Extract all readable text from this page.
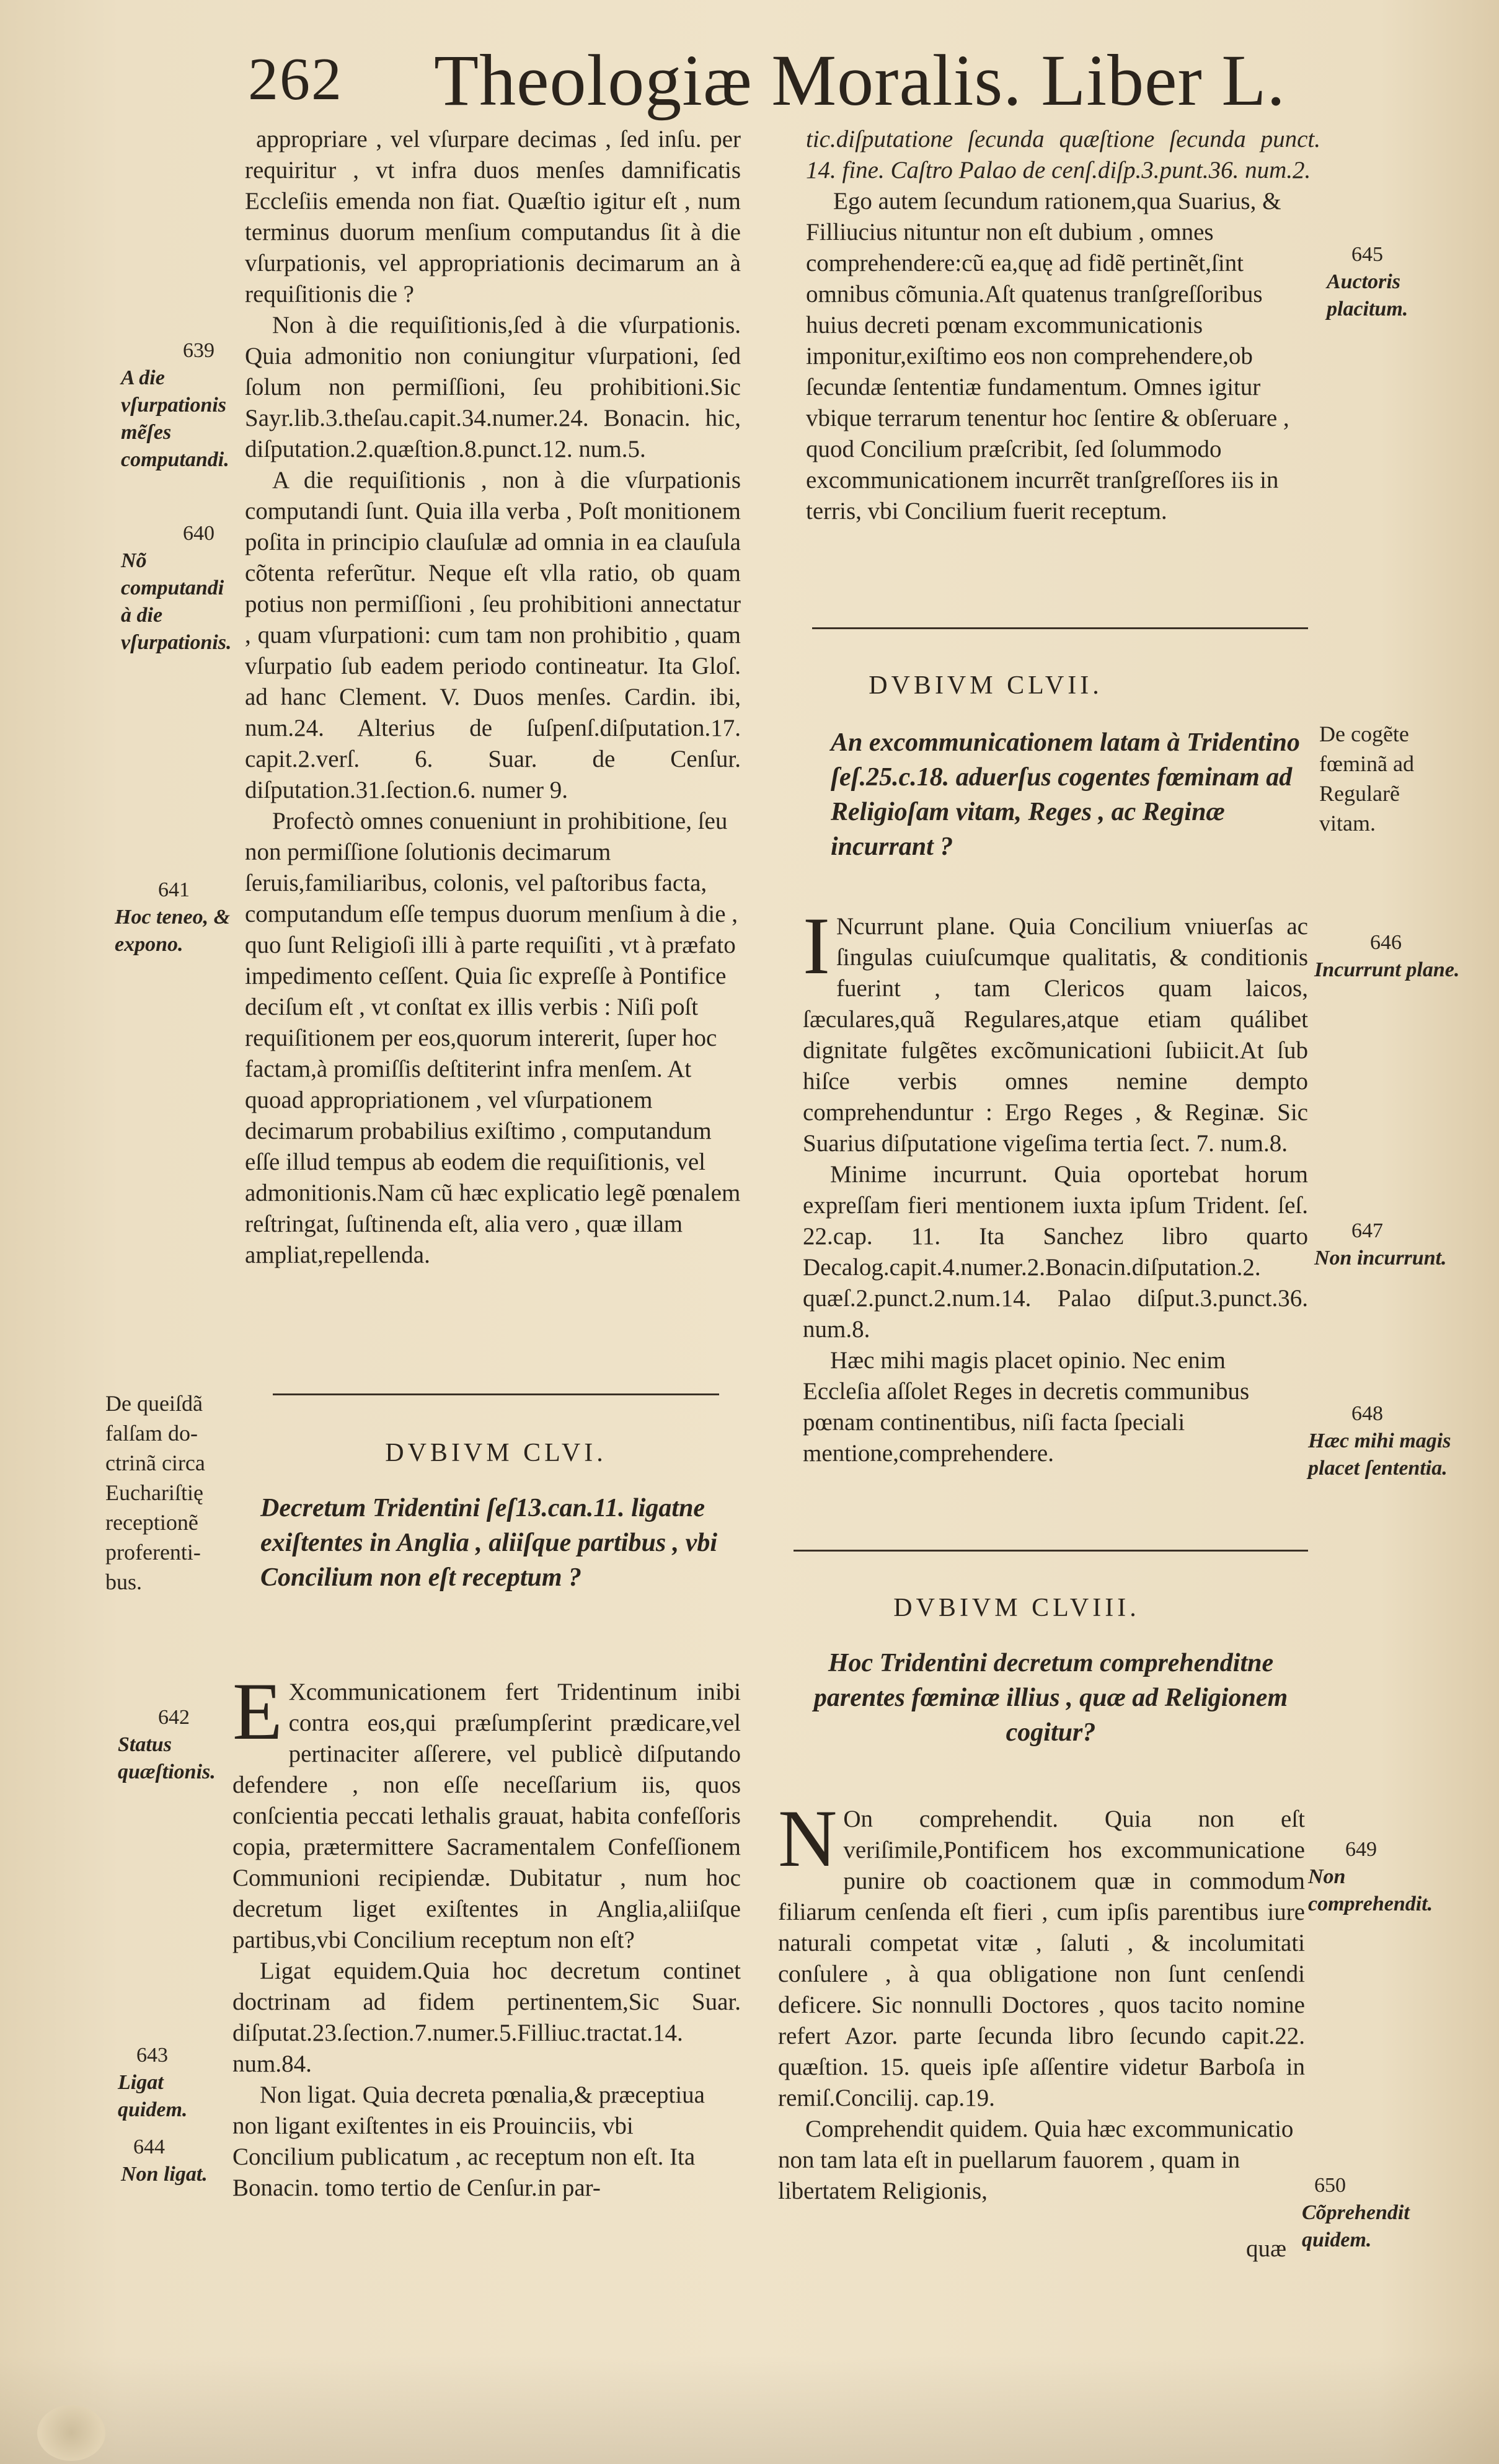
262 Theologiæ Moralis. Liber L.

appropriare , vel vſurpare decimas , ſed inſu. per requiritur , vt infra duos menſes damnificatis Eccleſiis emenda non fiat. Quæſtio igitur eſt , num terminus duorum menſium computandus ſit à die vſurpationis, vel appropriationis decimarum an à requiſitionis die ?

Non à die requiſitionis,ſed à die vſurpationis. Quia admonitio non coniungitur vſurpationi, ſed ſolum non permiſſioni, ſeu prohibitioni.Sic Sayr.lib.3.theſau.capit.34.numer.24. Bonacin. hic, diſputation.2.quæſtion.8.punct.12. num.5.

A die requiſitionis , non à die vſurpationis computandi ſunt. Quia illa verba , Poſt monitionem poſita in principio clauſulæ ad omnia in ea clauſula cõtenta referũtur. Neque eſt vlla ratio, ob quam potius non permiſſioni , ſeu prohibitioni annectatur , quam vſurpationi: cum tam non prohibitio , quam vſurpatio ſub eadem periodo contineatur. Ita Gloſ. ad hanc Clement. V. Duos menſes. Cardin. ibi, num.24. Alterius de ſuſpenſ.diſputation.17. capit.2.verſ. 6. Suar. de Cenſur. diſputation.31.ſection.6. numer 9.

Profectò omnes conueniunt in prohibitione, ſeu non permiſſione ſolutionis decimarum ſeruis,familiaribus, colonis, vel paſtoribus facta, computandum eſſe tempus duorum menſium à die , quo ſunt Religioſi illi à parte requiſiti , vt à præfato impedimento ceſſent. Quia ſic expreſſe à Pontifice deciſum eſt , vt conſtat ex illis verbis : Niſi poſt requiſitionem per eos,quorum intererit, ſuper hoc factam,à promiſſis deſtiterint infra menſem. At quoad appropriationem , vel vſurpationem decimarum probabilius exiſtimo , computandum eſſe illud tempus ab eodem die requiſitionis, vel admonitionis.Nam cũ hæc explicatio legẽ pœnalem reſtringat, ſuſtinenda eſt, alia vero , quæ illam ampliat,repellenda.

DVBIVM CLVI.
Decretum Tridentini ſeſ13.can.11. ligatne exiſtentes in Anglia , aliiſque partibus , vbi Concilium non eſt receptum ?

E Xcommunicationem fert Tridentinum inibi contra eos,qui præſumpſerint prædicare,vel pertinaciter aſſerere, vel publicè diſputando defendere , non eſſe neceſſarium iis, quos conſcientia peccati lethalis grauat, habita confeſſoris copia, prætermittere Sacramentalem Confeſſionem Communioni recipiendæ. Dubitatur , num hoc decretum liget exiſtentes in Anglia,aliiſque partibus,vbi Concilium receptum non eſt?

Ligat equidem.Quia hoc decretum continet doctrinam ad fidem pertinentem,Sic Suar. diſputat.23.ſection.7.numer.5.Filliuc.tractat.14. num.84.

Non ligat. Quia decreta pœnalia,& præceptiua non ligant exiſtentes in eis Prouinciis, vbi Concilium publicatum , ac receptum non eſt. Ita Bonacin. tomo tertio de Cenſur.in par-

639
A die vſurpationis mẽſes computandi.

640
Nõ computandi à die vſurpationis.

641
Hoc teneo, & expono.

De queiſdã
falſam do-
ctrinã circa
Euchariſtię
receptionẽ
proferenti-
bus.

642
Status quæſtionis.

643
Ligat quidem.

644
Non ligat.

tic.diſputatione ſecunda quæſtione ſecunda punct. 14. fine. Caſtro Palao de cenſ.diſp.3.punt.36. num.2.

Ego autem ſecundum rationem,qua Suarius, & Filliucius nituntur non eſt dubium , omnes comprehendere:cũ ea,quę ad fidẽ pertinẽt,ſint omnibus cõmunia.Aſt quatenus tranſgreſſoribus huius decreti pœnam excommunicationis imponitur,exiſtimo eos non comprehendere,ob ſecundæ ſententiæ fundamentum. Omnes igitur vbique terrarum tenentur hoc ſentire & obſeruare , quod Concilium præſcribit, ſed ſolummodo excommunicationem incurrẽt tranſgreſſores iis in terris, vbi Concilium fuerit receptum.

DVBIVM CLVII.
An excommunicationem latam à Tridentino ſeſ.25.c.18. aduerſus cogentes fœminam ad Religioſam vitam, Reges , ac Reginæ incurrant ?

I Ncurrunt plane. Quia Concilium vniuerſas ac ſingulas cuiuſcumque qualitatis, & conditionis fuerint , tam Clericos quam laicos, ſæculares,quã Regulares,atque etiam quálibet dignitate fulgẽtes excõmunicationi ſubiicit.At ſub hiſce verbis omnes nemine dempto comprehenduntur : Ergo Reges , & Reginæ. Sic Suarius diſputatione vigeſima tertia ſect. 7. num.8.

Minime incurrunt. Quia oportebat horum expreſſam fieri mentionem iuxta ipſum Trident. ſeſ. 22.cap. 11. Ita Sanchez libro quarto Decalog.capit.4.numer.2.Bonacin.diſputation.2. quæſ.2.punct.2.num.14. Palao diſput.3.punct.36. num.8.

Hæc mihi magis placet opinio. Nec enim Eccleſia aſſolet Reges in decretis communibus pœnam continentibus, niſi facta ſpeciali mentione,comprehendere.

DVBIVM CLVIII.
Hoc Tridentini decretum comprehenditne parentes fœminæ illius , quæ ad Religionem cogitur?

N On comprehendit. Quia non eſt veriſimile,Pontificem hos excommunicatione punire ob coactionem quæ in commodum filiarum cenſenda eſt fieri , cum ipſis parentibus iure naturali competat vitæ , ſaluti , & incolumitati conſulere , à qua obligatione non ſunt cenſendi deficere. Sic nonnulli Doctores , quos tacito nomine refert Azor. parte ſecunda libro ſecundo capit.22. quæſtion. 15. queis ipſe aſſentire videtur Barboſa in remiſ.Concilij. cap.19.

Comprehendit quidem. Quia hæc excommunicatio non tam lata eſt in puellarum fauorem , quam in libertatem Religionis,

quæ

645
Auctoris placitum.

De cogẽte
fœminã ad
Regularẽ
vitam.

646
Incurrunt plane.

647
Non incurrunt.

648
Hæc mihi magis placet ſententia.

649
Non comprehendit.

650
Cõprehendit quidem.
